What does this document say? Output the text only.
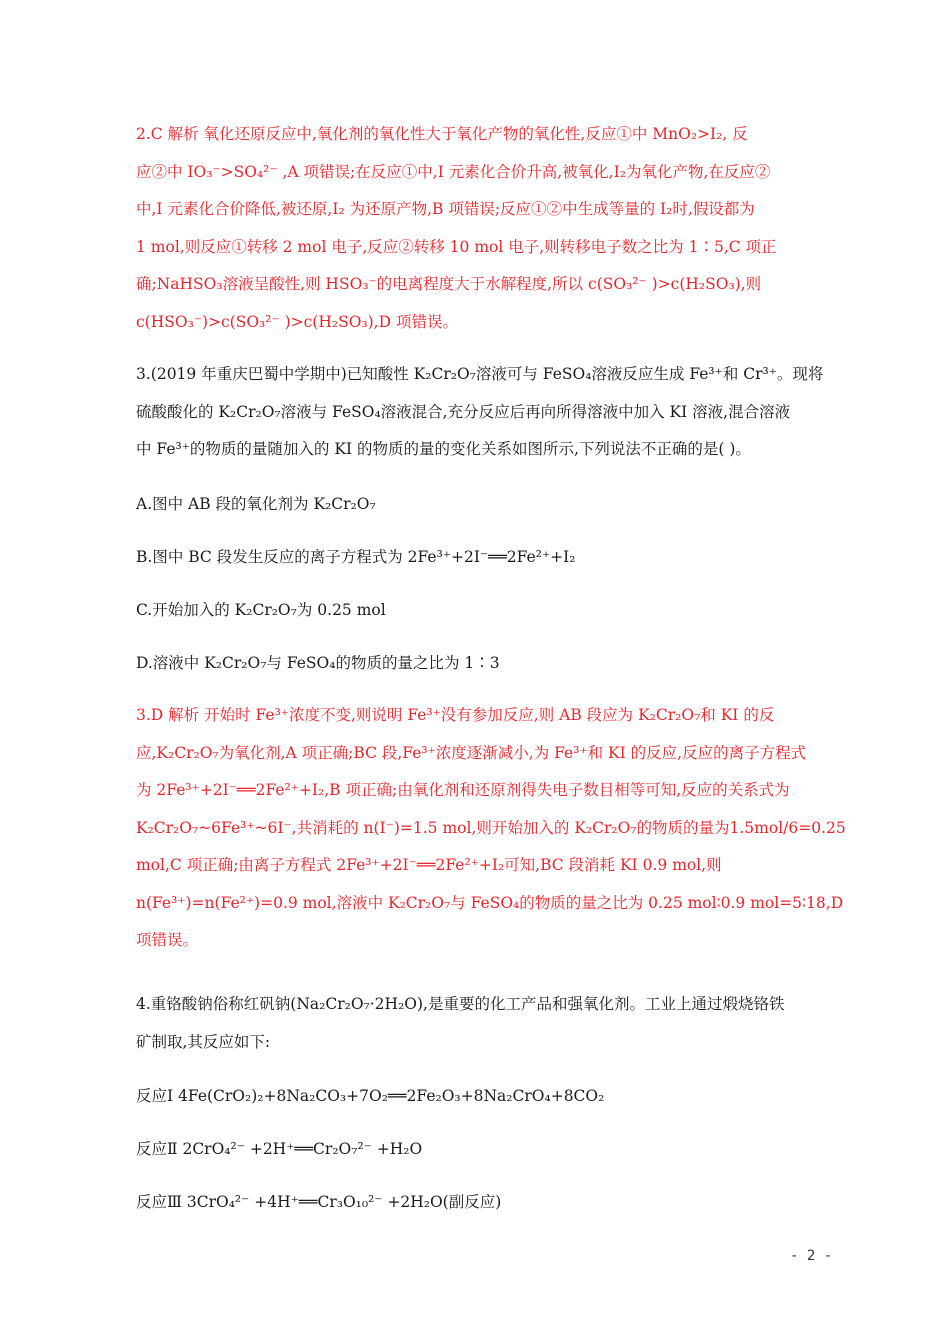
2.C 解析 氧化还原反应中,氧化剂的氧化性大于氧化产物的氧化性,反应①中 MnO₂>I₂, 反
应②中 IO₃⁻>SO₄²⁻ ,A 项错误;在反应①中,I 元素化合价升高,被氧化,I₂为氧化产物,在反应②
中,I 元素化合价降低,被还原,I₂ 为还原产物,B 项错误;反应①②中生成等量的 I₂时,假设都为
1 mol,则反应①转移 2 mol 电子,反应②转移 10 mol 电子,则转移电子数之比为 1∶5,C 项正
确;NaHSO₃溶液呈酸性,则 HSO₃⁻的电离程度大于水解程度,所以 c(SO₃²⁻ )>c(H₂SO₃),则
c(HSO₃⁻)>c(SO₃²⁻ )>c(H₂SO₃),D 项错误。
3.(2019 年重庆巴蜀中学期中)已知酸性 K₂Cr₂O₇溶液可与 FeSO₄溶液反应生成 Fe³⁺和 Cr³⁺。现将
硫酸酸化的 K₂Cr₂O₇溶液与 FeSO₄溶液混合,充分反应后再向所得溶液中加入 KI 溶液,混合溶液
中 Fe³⁺的物质的量随加入的 KI 的物质的量的变化关系如图所示,下列说法不正确的是( )。
A.图中 AB 段的氧化剂为 K₂Cr₂O₇
B.图中 BC 段发生反应的离子方程式为 2Fe³⁺+2I⁻══2Fe²⁺+I₂
C.开始加入的 K₂Cr₂O₇为 0.25 mol
D.溶液中 K₂Cr₂O₇与 FeSO₄的物质的量之比为 1∶3
3.D 解析 开始时 Fe³⁺浓度不变,则说明 Fe³⁺没有参加反应,则 AB 段应为 K₂Cr₂O₇和 KI 的反
应,K₂Cr₂O₇为氧化剂,A 项正确;BC 段,Fe³⁺浓度逐渐减小,为 Fe³⁺和 KI 的反应,反应的离子方程式
为 2Fe³⁺+2I⁻══2Fe²⁺+I₂,B 项正确;由氧化剂和还原剂得失电子数目相等可知,反应的关系式为
K₂Cr₂O₇~6Fe³⁺~6I⁻,共消耗的 n(I⁻)=1.5 mol,则开始加入的 K₂Cr₂O₇的物质的量为1.5mol/6=0.25
mol,C 项正确;由离子方程式 2Fe³⁺+2I⁻══2Fe²⁺+I₂可知,BC 段消耗 KI 0.9 mol,则
n(Fe³⁺)=n(Fe²⁺)=0.9 mol,溶液中 K₂Cr₂O₇与 FeSO₄的物质的量之比为 0.25 mol∶0.9 mol=5∶18,D
项错误。
4.重铬酸钠俗称红矾钠(Na₂Cr₂O₇·2H₂O),是重要的化工产品和强氧化剂。工业上通过煅烧铬铁
矿制取,其反应如下:
反应Ⅰ 4Fe(CrO₂)₂+8Na₂CO₃+7O₂══2Fe₂O₃+8Na₂CrO₄+8CO₂
反应Ⅱ 2CrO₄²⁻ +2H⁺══Cr₂O₇²⁻ +H₂O
反应Ⅲ 3CrO₄²⁻ +4H⁺══Cr₃O₁₀²⁻ +2H₂O(副反应)
- 2 -
